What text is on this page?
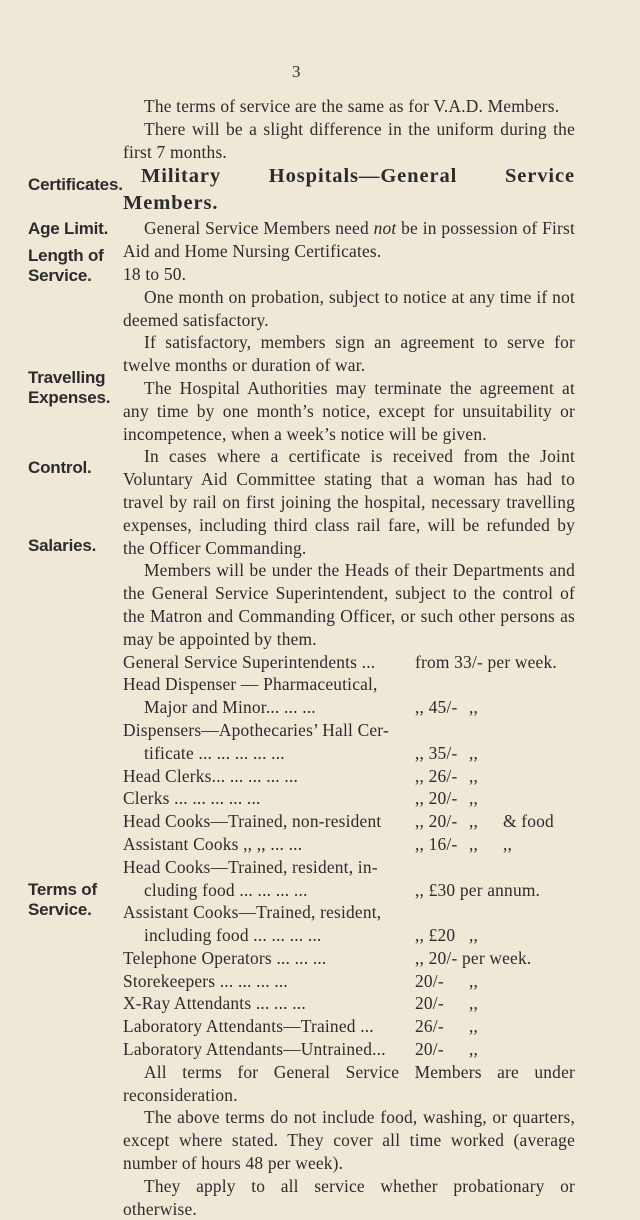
3
Certificates.
Age Limit.
Length of
Service.
Travelling
Expenses.
Control.
Salaries.
Terms of
Service.

The terms of service are the same as for V.A.D. Members.

There will be a slight difference in the uniform during the first 7 months.

Military Hospitals—General Service Members.

General Service Members need not be in possession of First Aid and Home Nursing Certificates.

18 to 50.

One month on probation, subject to notice at any time if not deemed satisfactory.

If satisfactory, members sign an agreement to serve for twelve months or duration of war.

The Hospital Authorities may terminate the agreement at any time by one month’s notice, except for unsuitability or incompetence, when a week’s notice will be given.

In cases where a certificate is received from the Joint Voluntary Aid Committee stating that a woman has had to travel by rail on first joining the hospital, necessary travelling expenses, including third class rail fare, will be refunded by the Officer Commanding.

Members will be under the Heads of their Departments and the General Service Superintendent, subject to the control of the Matron and Commanding Officer, or such other persons as may be appointed by them.

General Service Superintendents ... from 33/- per week.
Head Dispenser — Pharmaceutical,
Major and Minor... ... ...	,, 45/- ,,
Dispensers—Apothecaries’ Hall Cer-
tificate ... ... ... ... ...	,, 35/- ,,
Head Clerks... ... ... ... ...	,, 26/- ,,
Clerks ... ... ... ... ...	,, 20/- ,,
Head Cooks—Trained, non-resident ,, 20/- ,, & food
Assistant Cooks ,, ,, ... ...	,, 16/- ,, ,,
Head Cooks—Trained, resident, in-
cluding food ... ... ... ...	,, £30 per annum.
Assistant Cooks—Trained, resident,
including food ... ... ... ...	,, £20 ,,
Telephone Operators ... ... ...	,, 20/- per week.
Storekeepers ... ... ... ...	20/- ,,
X-Ray Attendants ... ... ...	20/- ,,
Laboratory Attendants—Trained ... 26/- ,,
Laboratory Attendants—Untrained... 20/- ,,

All terms for General Service Members are under reconsideration.

The above terms do not include food, washing, or quarters, except where stated. They cover all time worked (average number of hours 48 per week).

They apply to all service whether probationary or otherwise.
